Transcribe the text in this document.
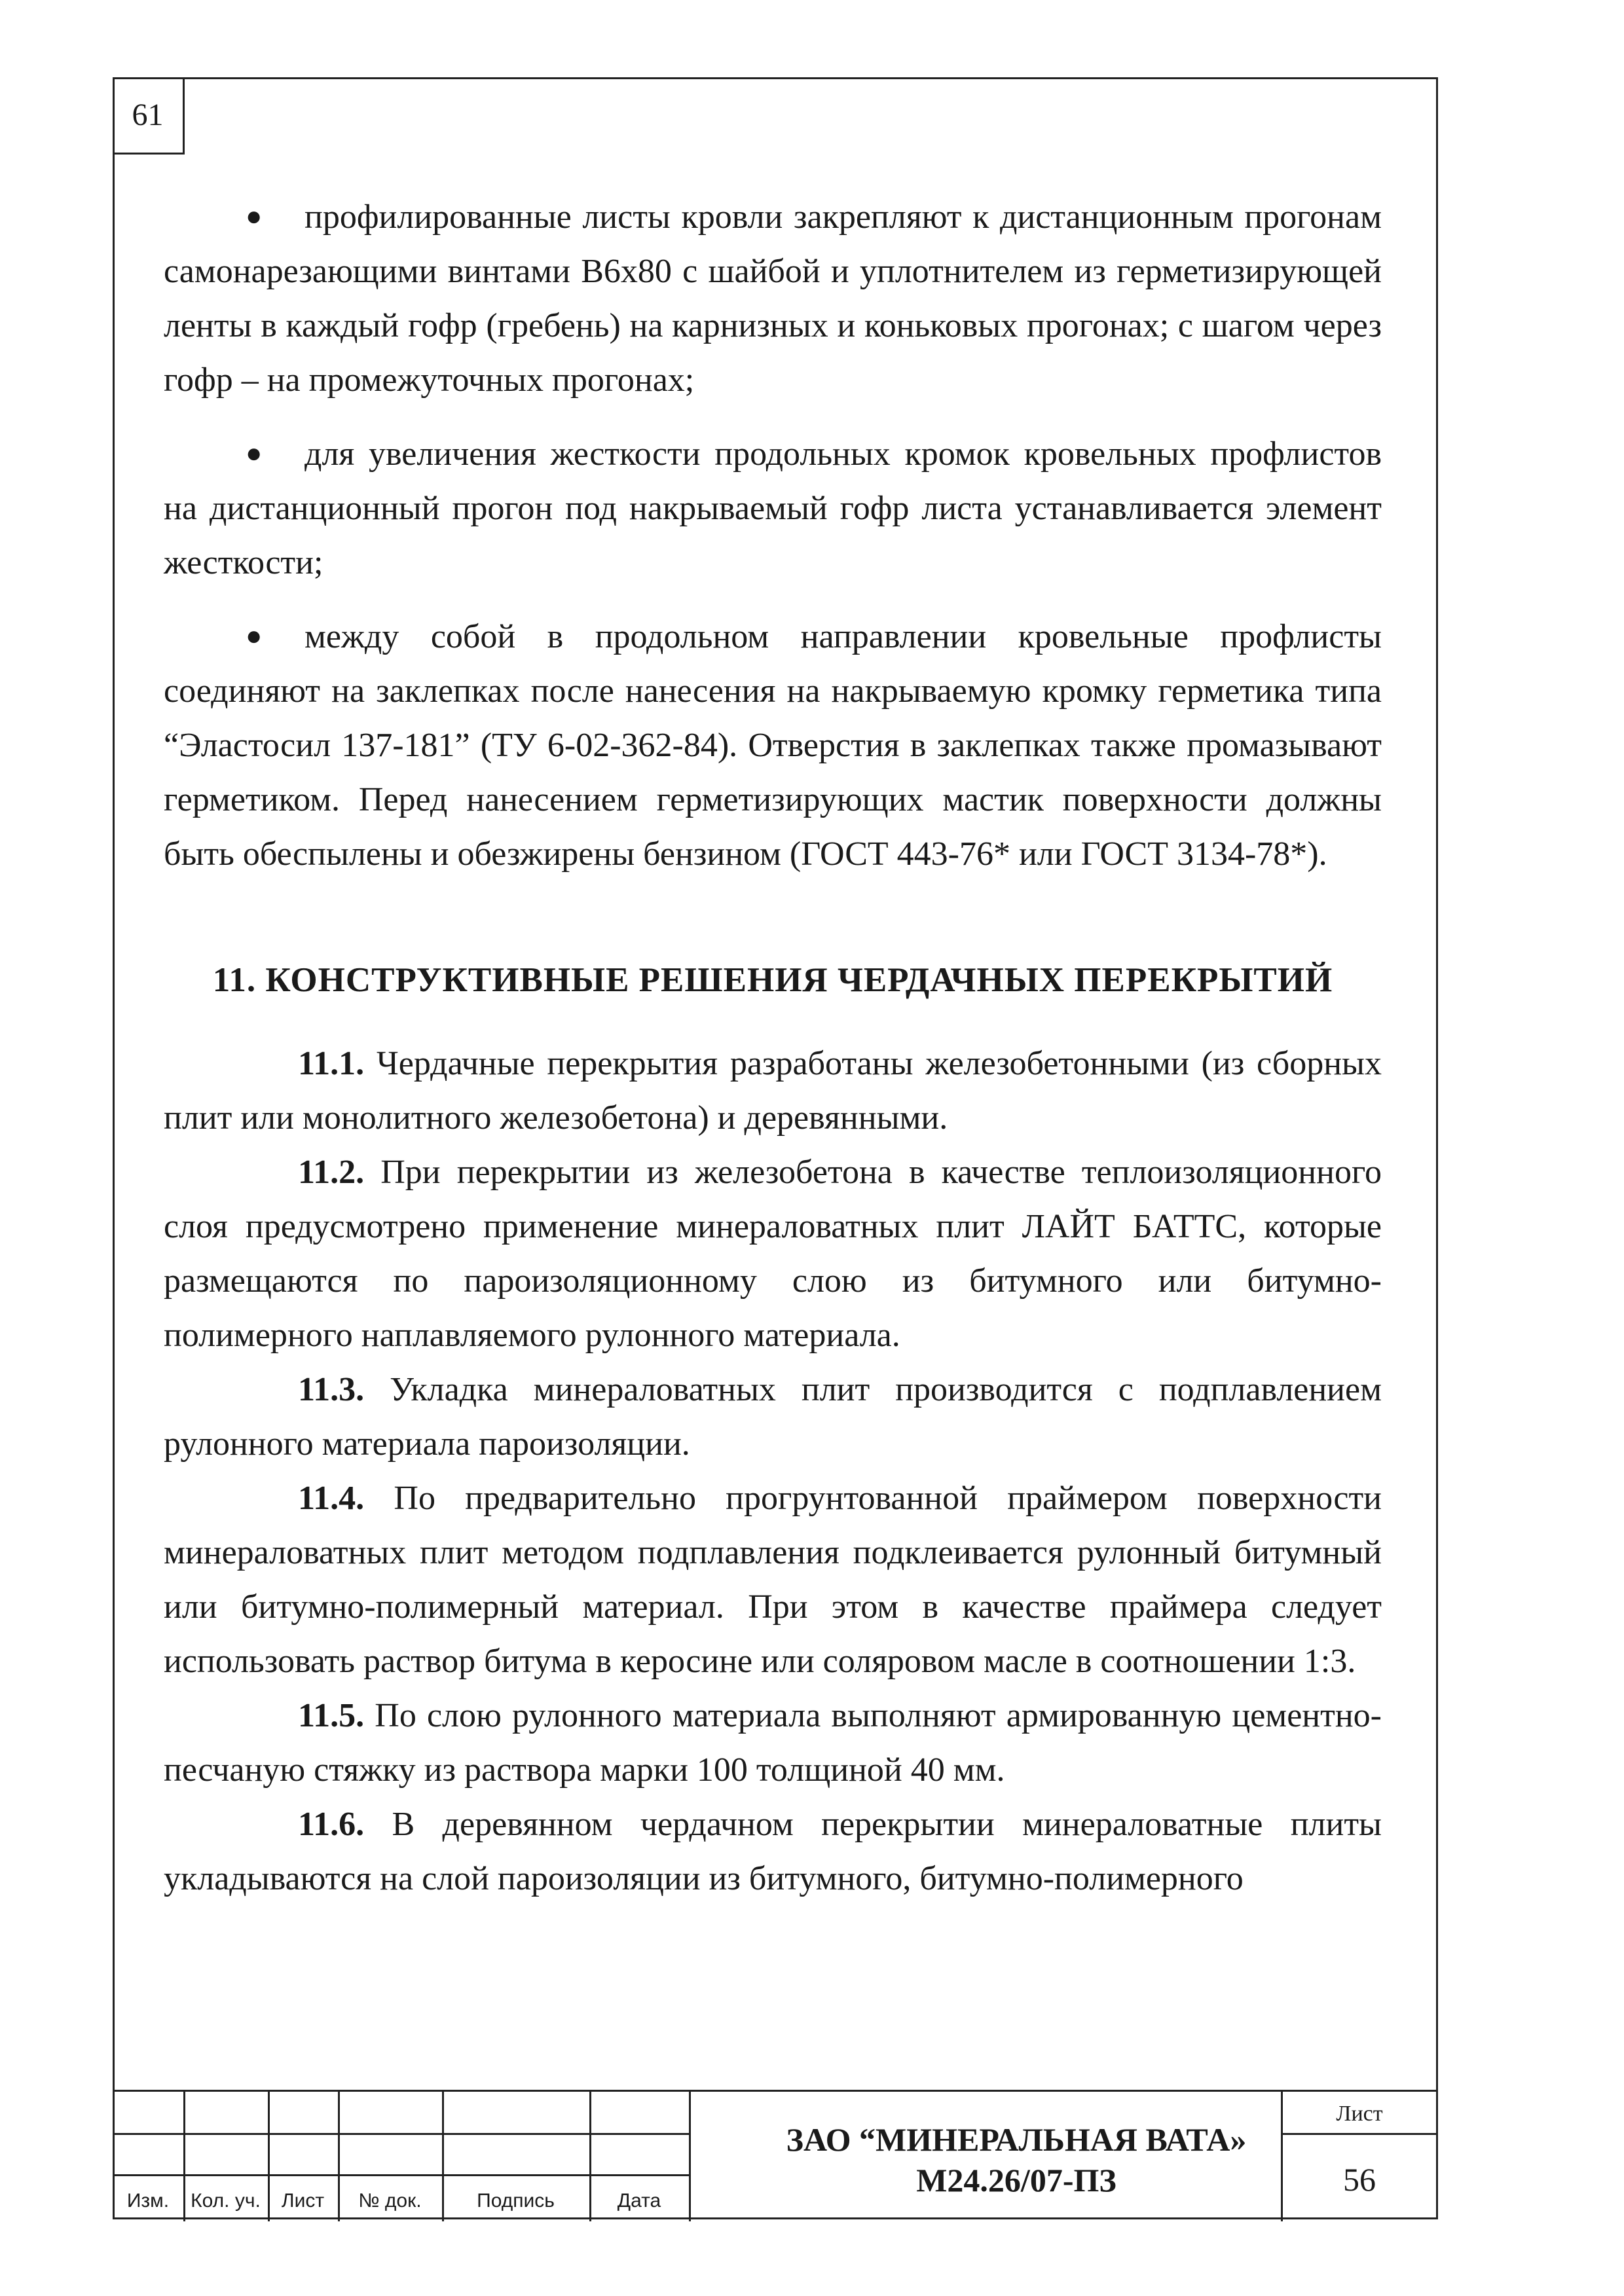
61

● профилированные листы кровли закрепляют к дистанционным прогонам самонарезающими винтами В6х80 с шайбой и уплотнителем из герметизирующей ленты в каждый гофр (гребень) на карнизных и коньковых прогонах; с шагом через гофр – на промежуточных прогонах;

● для увеличения жесткости продольных кромок кровельных профлистов на дистанционный прогон под накрываемый гофр листа устанавливается элемент жесткости;

● между собой в продольном направлении кровельные профлисты соединяют на заклепках после нанесения на накрываемую кромку герметика типа “Эластосил 137-181” (ТУ 6-02-362-84). Отверстия в заклепках также промазывают герметиком. Перед нанесением герметизирующих мастик поверхности должны быть обеспылены и обезжирены бензином (ГОСТ 443-76* или ГОСТ 3134-78*).

11. КОНСТРУКТИВНЫЕ РЕШЕНИЯ ЧЕРДАЧНЫХ ПЕРЕКРЫТИЙ

11.1. Чердачные перекрытия разработаны железобетонными (из сборных плит или монолитного железобетона) и деревянными.

11.2. При перекрытии из железобетона в качестве теплоизоляционного слоя предусмотрено применение минераловатных плит ЛАЙТ БАТТС, которые размещаются по пароизоляционному слою из битумного или битумно-полимерного наплавляемого рулонного материала.

11.3. Укладка минераловатных плит производится с подплавлением рулонного материала пароизоляции.

11.4. По предварительно прогрунтованной праймером поверхности минераловатных плит методом подплавления подклеивается рулонный битумный или битумно-полимерный материал. При этом в качестве праймера следует использовать раствор битума в керосине или соляровом масле в соотношении 1:3.

11.5. По слою рулонного материала выполняют армированную цементно-песчаную стяжку из раствора марки 100 толщиной 40 мм.

11.6. В деревянном чердачном перекрытии минераловатные плиты укладываются на слой пароизоляции из битумного, битумно-полимерного

Изм.	Кол. уч.	Лист	№ док.	Подпись	Дата
ЗАО “МИНЕРАЛЬНАЯ ВАТА»
М24.26/07-ПЗ
Лист
56
